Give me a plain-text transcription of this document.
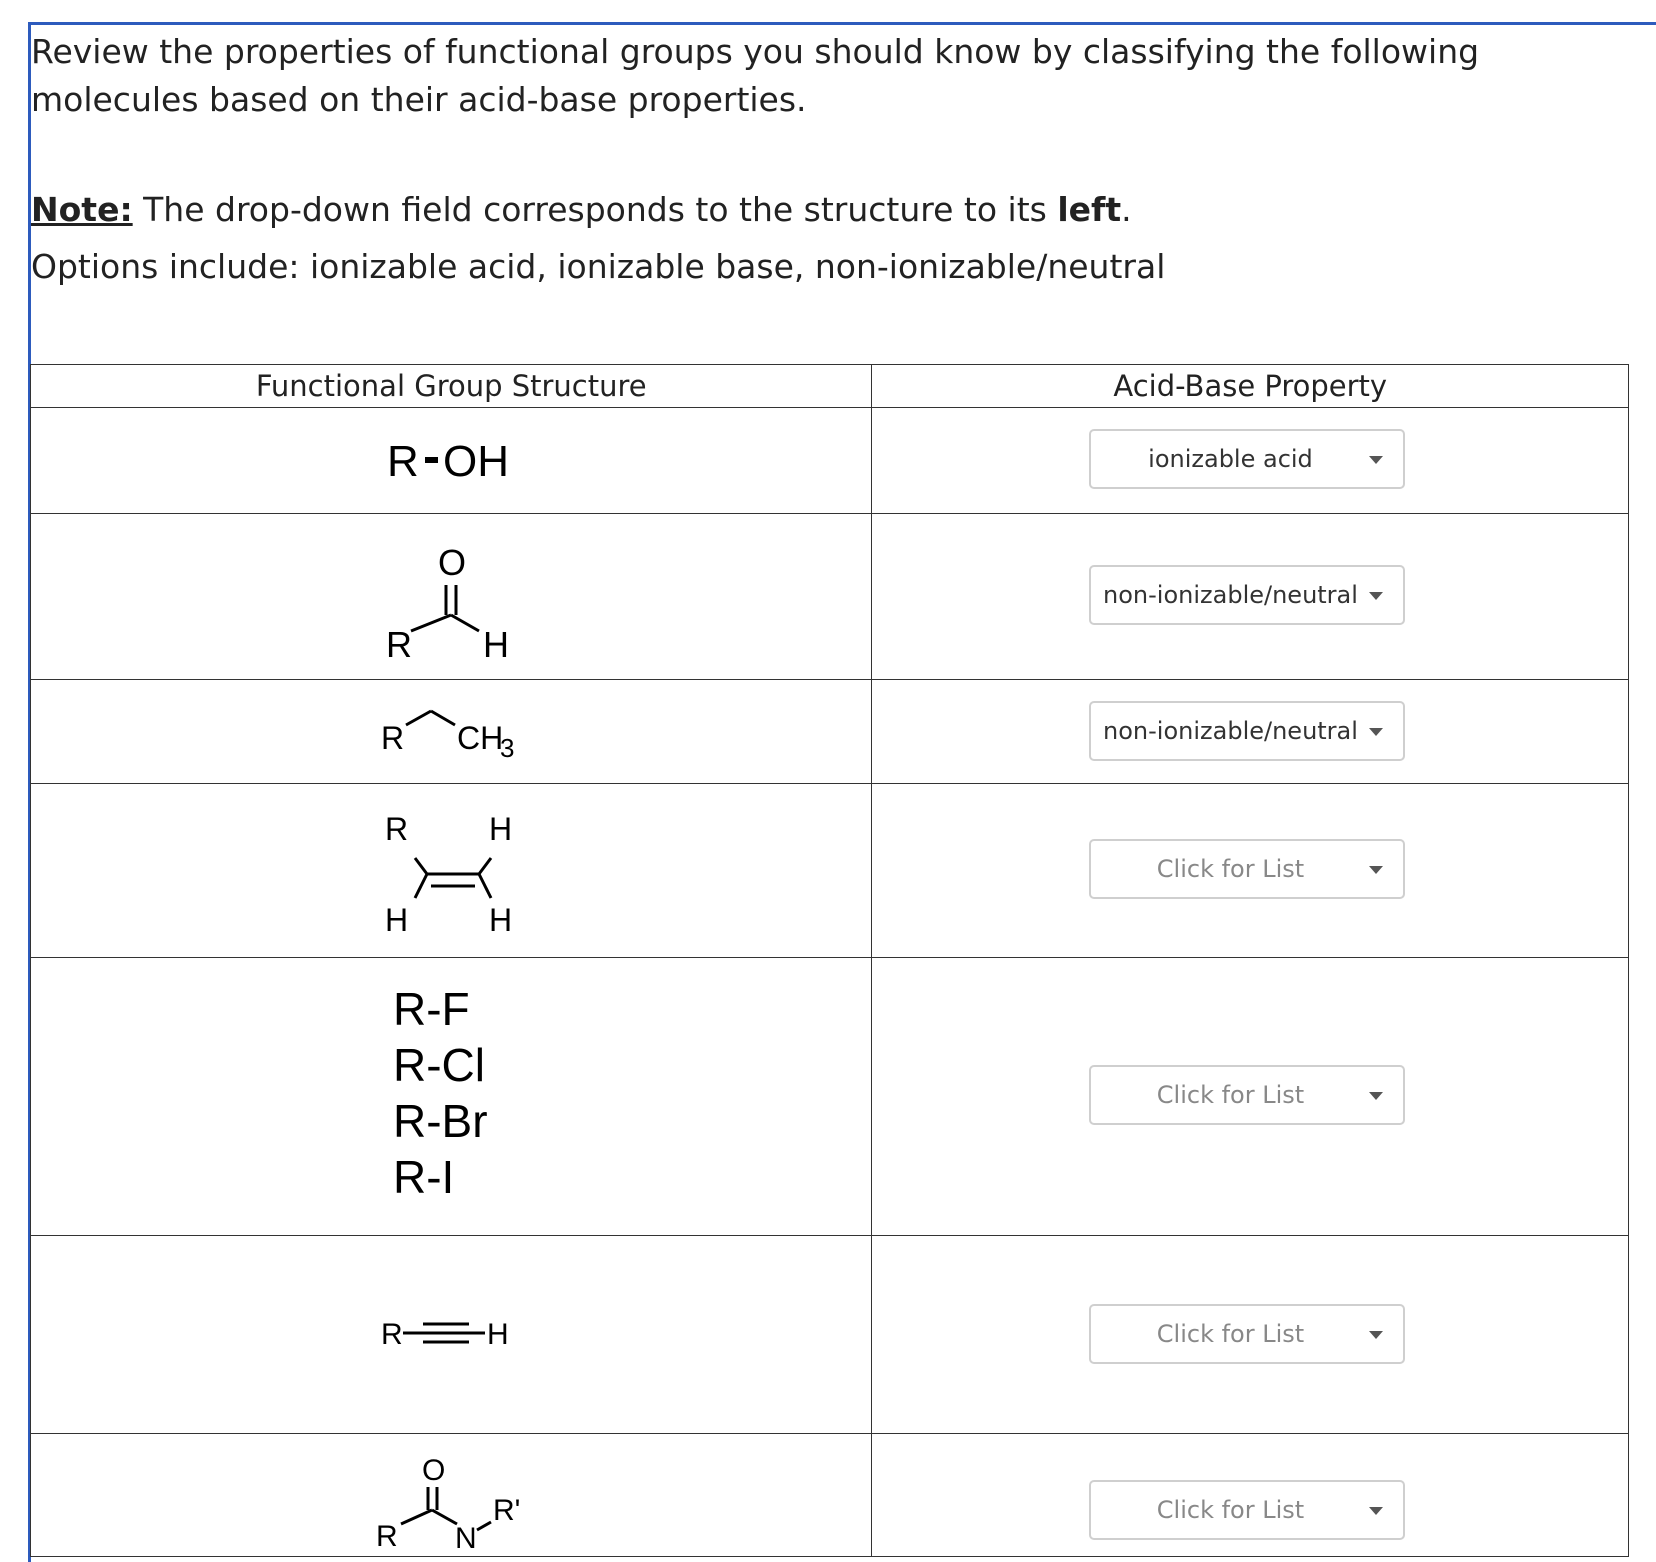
Review the properties of functional groups you should know by classifying the following molecules based on their acid-base properties.
Note: The drop-down field corresponds to the structure to its left.
Options include: ionizable acid, ionizable base, non-ionizable/neutral
Functional Group Structure	Acid-Base Property

R OH	ionizable acid

O
R H	non-ionizable/neutral

R CH
3	non-ionizable/neutral

R H
H H	Click for List

R-F
R-Cl
R-Br
R-I	Click for List

R H	Click for List

O
R N
R'	Click for List
